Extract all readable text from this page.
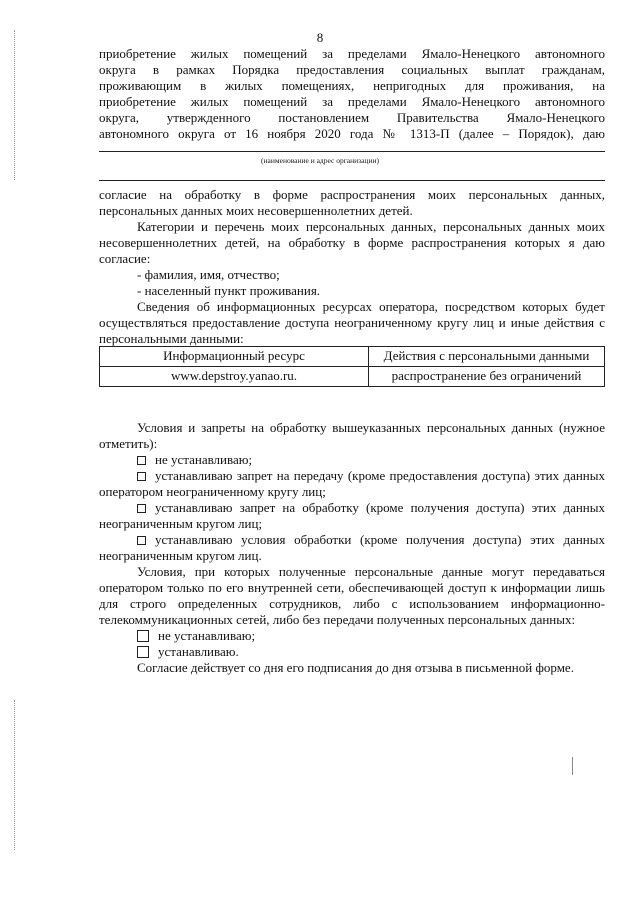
8
приобретение жилых помещений за пределами Ямало-Ненецкого автономного
округа в рамках Порядка предоставления социальных выплат гражданам,
проживающим в жилых помещениях, непригодных для проживания, на
приобретение жилых помещений за пределами Ямало-Ненецкого автономного
округа, утвержденного постановлением Правительства Ямало-Ненецкого
автономного округа от 16 ноября 2020 года № 1313-П (далее – Порядок), даю
(наименование и адрес организации)
согласие на обработку в форме распространения моих персональных данных,
персональных данных моих несовершеннолетних детей.
Категории и перечень моих персональных данных, персональных данных моих несовершеннолетних детей, на обработку в форме распространения которых я даю согласие:
- фамилия, имя, отчество;
- населенный пункт проживания.
Сведения об информационных ресурсах оператора, посредством которых будет осуществляться предоставление доступа неограниченному кругу лиц и иные действия с персональными данными:
Информационный ресурс	Действия с персональными данными
www.depstroy.yanao.ru.	распространение без ограничений
Условия и запреты на обработку вышеуказанных персональных данных (нужное отметить):
не устанавливаю;
устанавливаю запрет на передачу (кроме предоставления доступа) этих данных оператором неограниченному кругу лиц;
устанавливаю запрет на обработку (кроме получения доступа) этих данных неограниченным кругом лиц;
устанавливаю условия обработки (кроме получения доступа) этих данных неограниченным кругом лиц.
Условия, при которых полученные персональные данные могут передаваться оператором только по его внутренней сети, обеспечивающей доступ к информации лишь для строго определенных сотрудников, либо с использованием информационно-телекоммуникационных сетей, либо без передачи полученных персональных данных:
не устанавливаю;
устанавливаю.
Согласие действует со дня его подписания до дня отзыва в письменной форме.
